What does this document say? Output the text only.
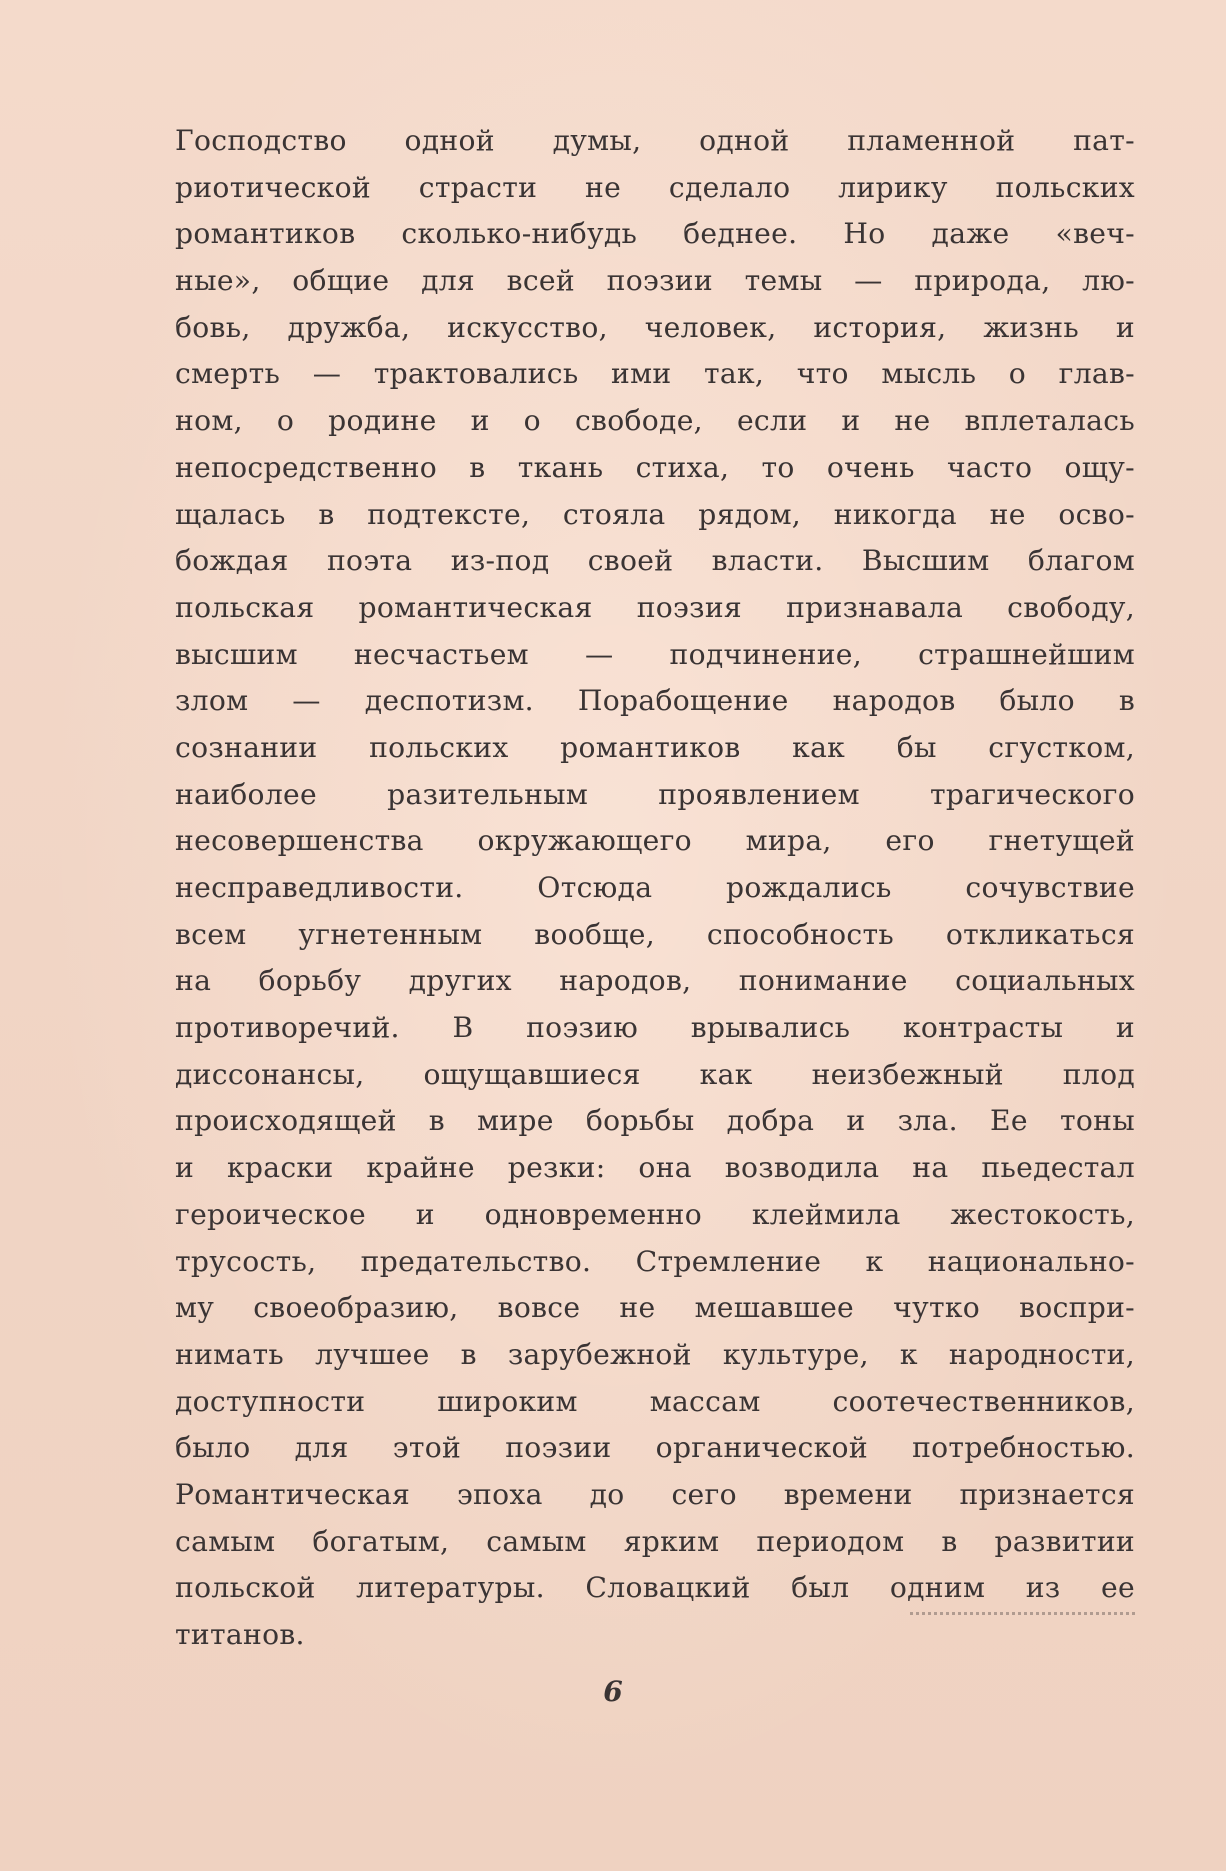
Господство одной думы, одной пламенной пат-
риотической страсти не сделало лирику польских
романтиков сколько-нибудь беднее. Но даже «веч-
ные», общие для всей поэзии темы — природа, лю-
бовь, дружба, искусство, человек, история, жизнь и
смерть — трактовались ими так, что мысль о глав-
ном, о родине и о свободе, если и не вплеталась
непосредственно в ткань стиха, то очень часто ощу-
щалась в подтексте, стояла рядом, никогда не осво-
бождая поэта из-под своей власти. Высшим благом
польская романтическая поэзия признавала свободу,
высшим несчастьем — подчинение, страшнейшим
злом — деспотизм. Порабощение народов было в
сознании польских романтиков как бы сгустком,
наиболее разительным проявлением трагического
несовершенства окружающего мира, его гнетущей
несправедливости. Отсюда рождались сочувствие
всем угнетенным вообще, способность откликаться
на борьбу других народов, понимание социальных
противоречий. В поэзию врывались контрасты и
диссонансы, ощущавшиеся как неизбежный плод
происходящей в мире борьбы добра и зла. Ее тоны
и краски крайне резки: она возводила на пьедестал
героическое и одновременно клеймила жестокость,
трусость, предательство. Стремление к национально-
му своеобразию, вовсе не мешавшее чутко воспри-
нимать лучшее в зарубежной культуре, к народности,
доступности широким массам соотечественников,
было для этой поэзии органической потребностью.
Романтическая эпоха до сего времени признается
самым богатым, самым ярким периодом в развитии
польской литературы. Словацкий был одним из ее
титанов.
6
